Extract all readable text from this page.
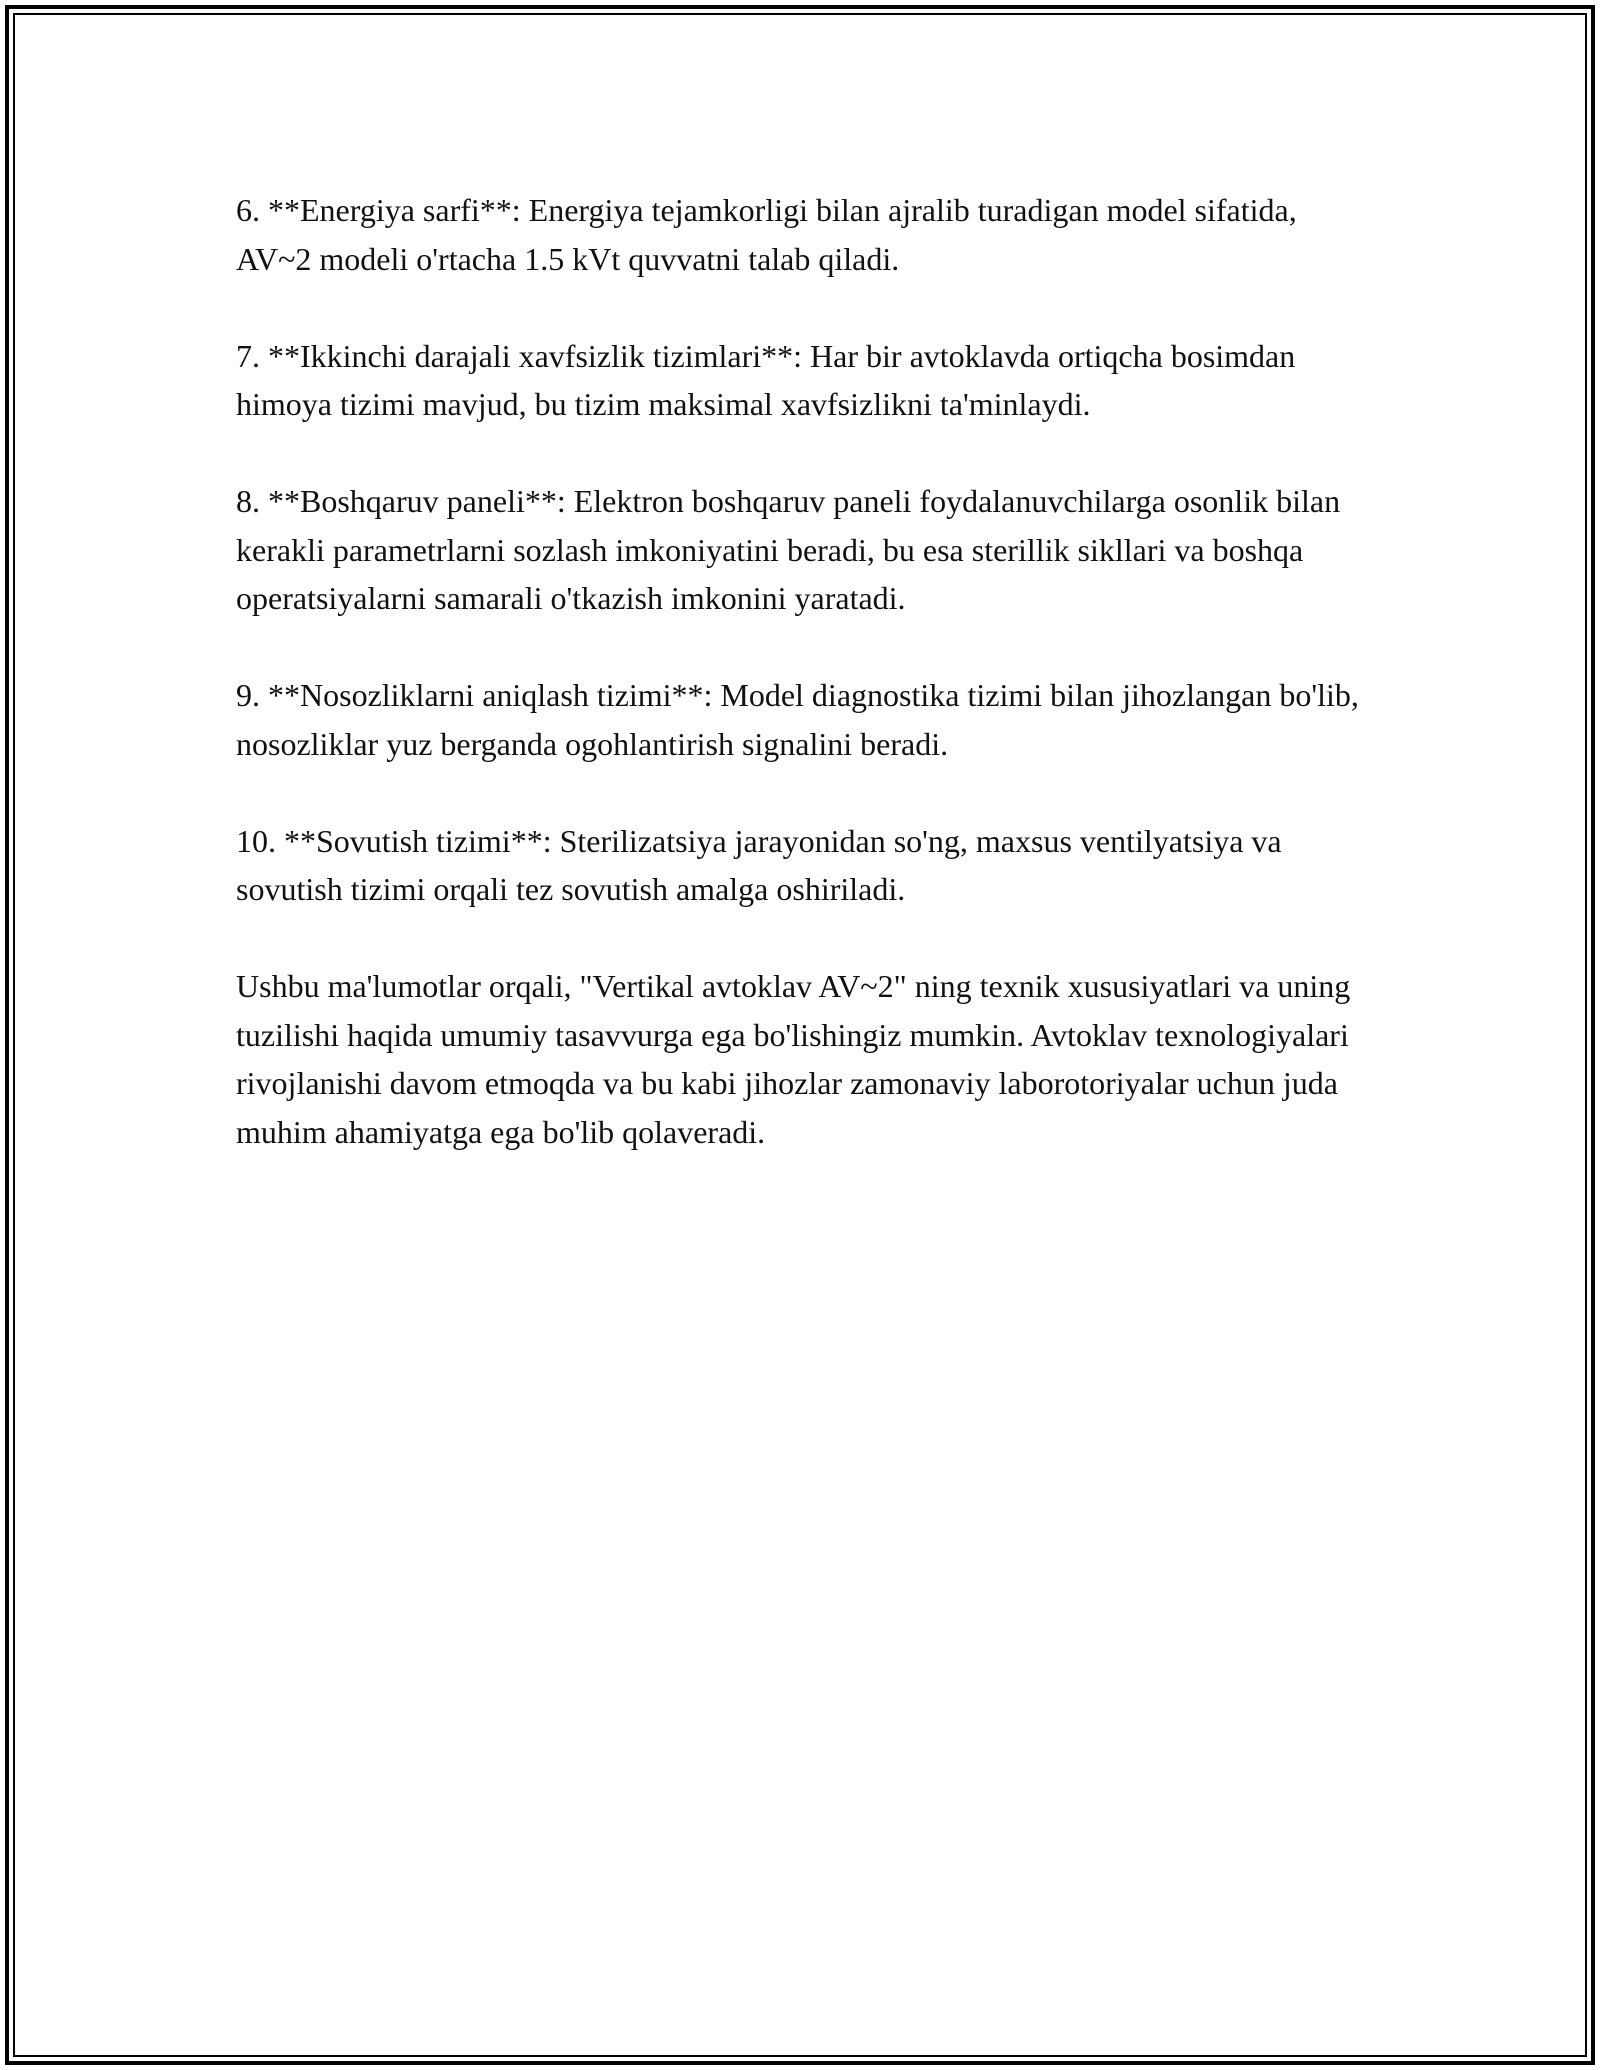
6. **Energiya sarfi**: Energiya tejamkorligi bilan ajralib turadigan model sifatida, AV~2 modeli o'rtacha 1.5 kVt quvvatni talab qiladi.

7. **Ikkinchi darajali xavfsizlik tizimlari**: Har bir avtoklavda ortiqcha bosimdan himoya tizimi mavjud, bu tizim maksimal xavfsizlikni ta'minlaydi.

8. **Boshqaruv paneli**: Elektron boshqaruv paneli foydalanuvchilarga osonlik bilan kerakli parametrlarni sozlash imkoniyatini beradi, bu esa sterillik sikllari va boshqa operatsiyalarni samarali o'tkazish imkonini yaratadi.

9. **Nosozliklarni aniqlash tizimi**: Model diagnostika tizimi bilan jihozlangan bo'lib, nosozliklar yuz berganda ogohlantirish signalini beradi.

10. **Sovutish tizimi**: Sterilizatsiya jarayonidan so'ng, maxsus ventilyatsiya va sovutish tizimi orqali tez sovutish amalga oshiriladi.

Ushbu ma'lumotlar orqali, "Vertikal avtoklav AV~2" ning texnik xususiyatlari va uning tuzilishi haqida umumiy tasavvurga ega bo'lishingiz mumkin. Avtoklav texnologiyalari rivojlanishi davom etmoqda va bu kabi jihozlar zamonaviy laborotoriyalar uchun juda muhim ahamiyatga ega bo'lib qolaveradi.
